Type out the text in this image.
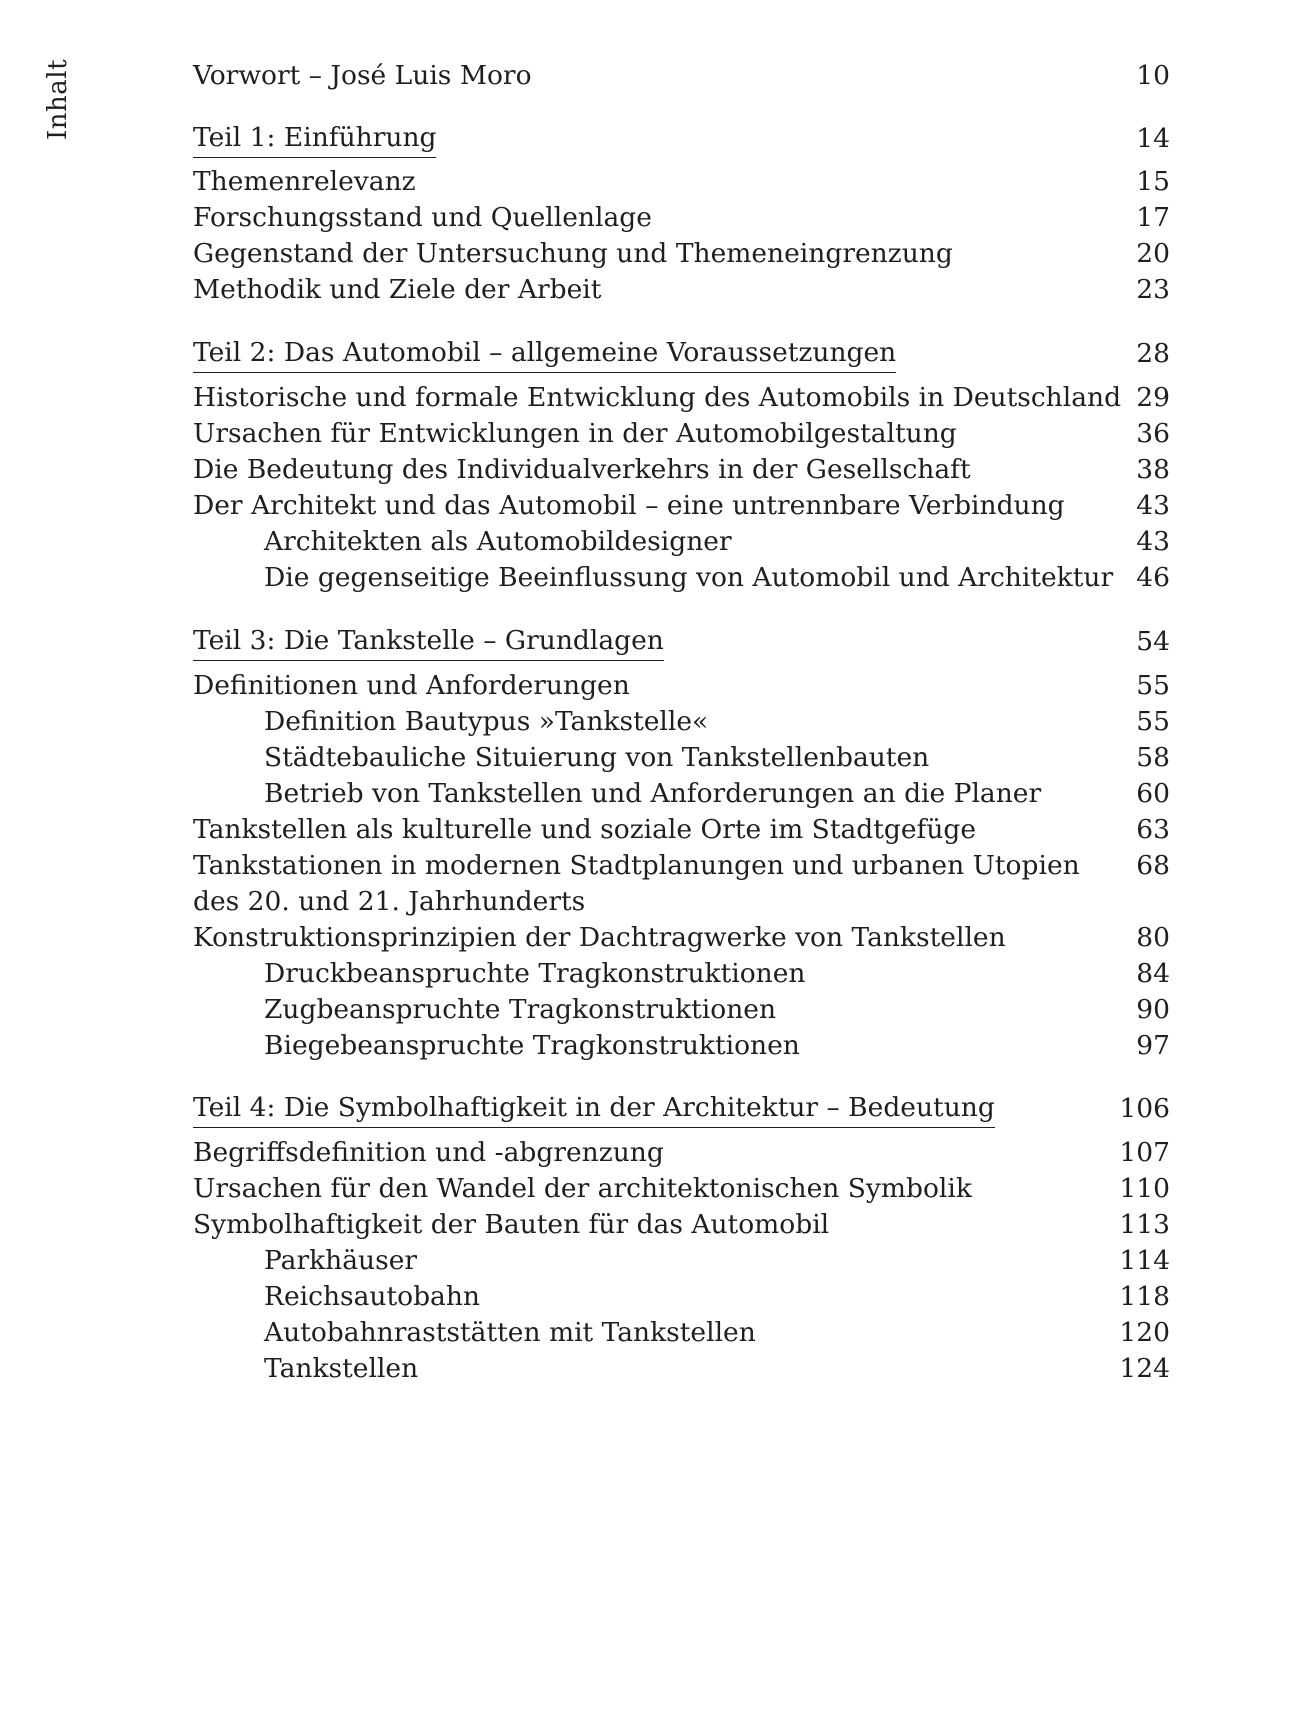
Inhalt	Vorwort – José Luis Moro	10
Teil 1: Einführung	14
Themenrelevanz	15
Forschungsstand und Quellenlage	17
Gegenstand der Untersuchung und Themeneingrenzung	20
Methodik und Ziele der Arbeit	23
Teil 2: Das Automobil – allgemeine Voraussetzungen	28
Historische und formale Entwicklung des Automobils in Deutschland 29
Ursachen für Entwicklungen in der Automobilgestaltung	36
Die Bedeutung des Individualverkehrs in der Gesellschaft	38
Der Architekt und das Automobil – eine untrennbare Verbindung	43
Architekten als Automobildesigner	43
Die gegenseitige Beeinflussung von Automobil und Architektur 46
Teil 3: Die Tankstelle – Grundlagen	54
Definitionen und Anforderungen	55
Definition Bautypus »Tankstelle«	55
Städtebauliche Situierung von Tankstellenbauten	58
Betrieb von Tankstellen und Anforderungen an die Planer	60
Tankstellen als kulturelle und soziale Orte im Stadtgefüge	63
Tankstationen in modernen Stadtplanungen und urbanen Utopien 68
des 20. und 21. Jahrhunderts
Konstruktionsprinzipien der Dachtragwerke von Tankstellen	80
Druckbeanspruchte Tragkonstruktionen	84
Zugbeanspruchte Tragkonstruktionen	90
Biegebeanspruchte Tragkonstruktionen	97
Teil 4: Die Symbolhaftigkeit in der Architektur – Bedeutung	106
Begriffsdefinition und -abgrenzung	107
Ursachen für den Wandel der architektonischen Symbolik	110
Symbolhaftigkeit der Bauten für das Automobil	113
Parkhäuser	114
Reichsautobahn	118
Autobahnraststätten mit Tankstellen	120
Tankstellen	124
